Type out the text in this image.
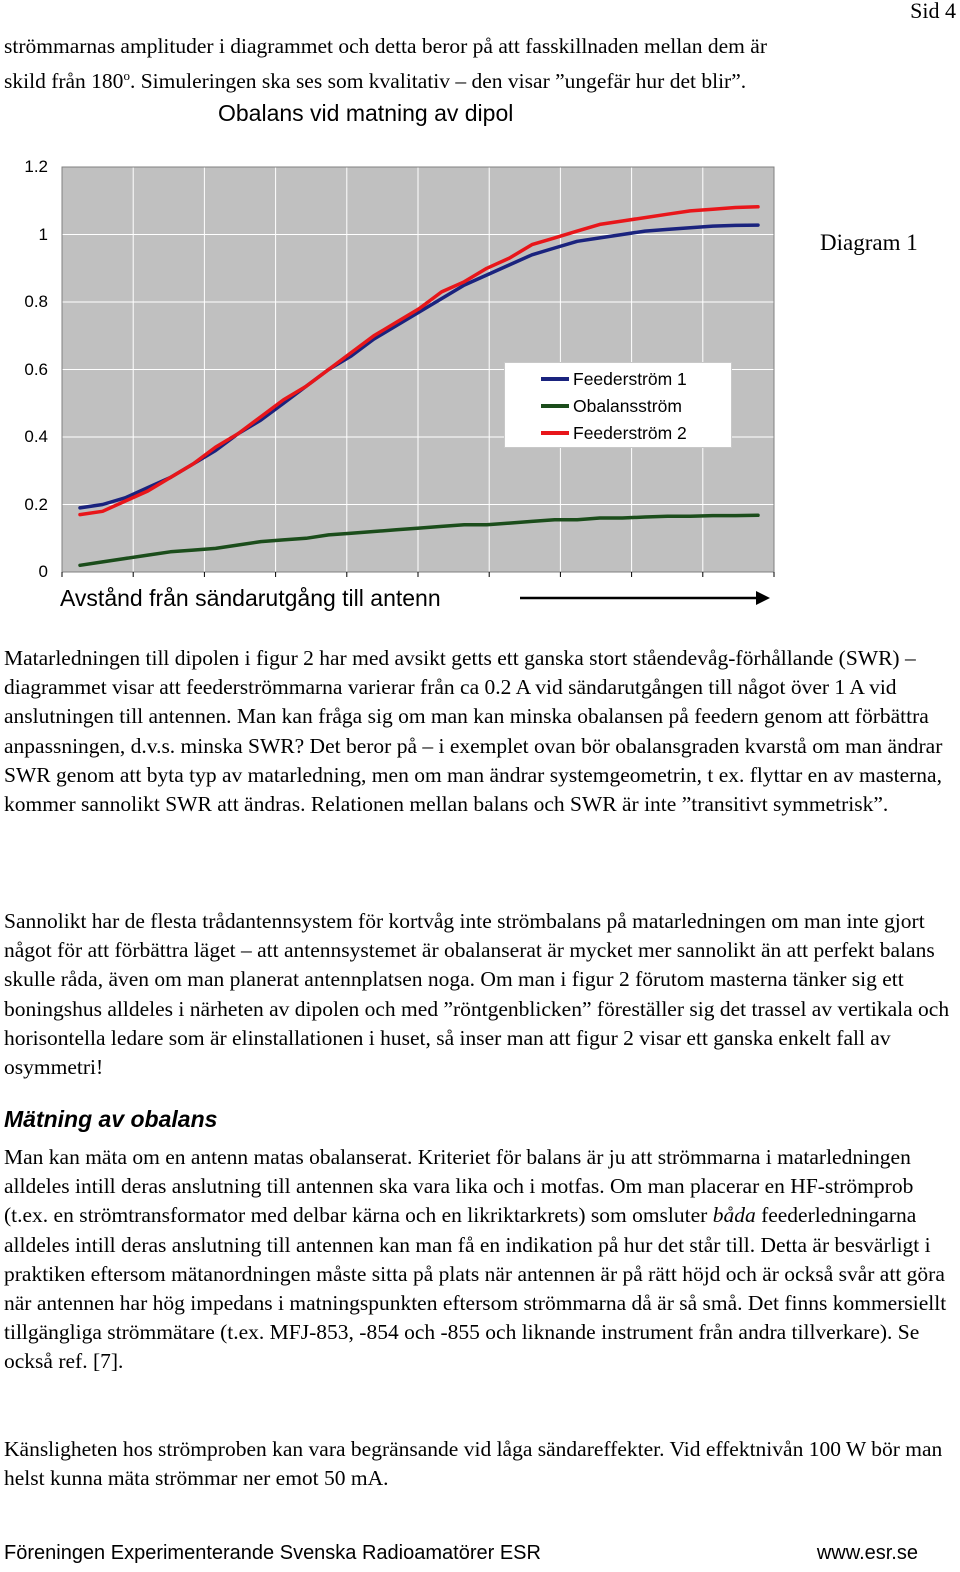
Sid 4

strömmarnas amplituder i diagrammet och detta beror på att fasskillnaden mellan dem är

skild från 180$^o$. Simuleringen ska ses som kvalitativ – den visar ”ungefär hur det blir”.

Obalans vid matning av dipol
1.2
1
0.8
0.6
0.4
0.2
0
Avstånd från sändarutgång till antenn
Diagram 1
Feederström 1
Obalansström
Feederström 2

Matarledningen till dipolen i figur 2 har med avsikt getts ett ganska stort ståendevåg-förhållande (SWR) – diagrammet visar att feederströmmarna varierar från ca 0.2 A vid sändarutgången till något över 1 A vid anslutningen till antennen. Man kan fråga sig om man kan minska obalansen på feedern genom att förbättra anpassningen, d.v.s. minska SWR? Det beror på – i exemplet ovan bör obalansgraden kvarstå om man ändrar SWR genom att byta typ av matarledning, men om man ändrar systemgeometrin, t ex. flyttar en av masterna, kommer sannolikt SWR att ändras. Relationen mellan balans och SWR är inte ”transitivt symmetrisk”.

Sannolikt har de flesta trådantennsystem för kortvåg inte strömbalans på matarledningen om man inte gjort något för att förbättra läget – att antennsystemet är obalanserat är mycket mer sannolikt än att perfekt balans skulle råda, även om man planerat antennplatsen noga. Om man i figur 2 förutom masterna tänker sig ett boningshus alldeles i närheten av dipolen och med ”röntgenblicken” föreställer sig det trassel av vertikala och horisontella ledare som är elinstallationen i huset, så inser man att figur 2 visar ett ganska enkelt fall av osymmetri!

Mätning av obalans

Man kan mäta om en antenn matas obalanserat. Kriteriet för balans är ju att strömmarna i matarledningen alldeles intill deras anslutning till antennen ska vara lika och i motfas. Om man placerar en HF-strömprob (t.ex. en strömtransformator med delbar kärna och en likriktarkrets) som omsluter båda feederledningarna alldeles intill deras anslutning till antennen kan man få en indikation på hur det står till. Detta är besvärligt i praktiken eftersom mätanordningen måste sitta på plats när antennen är på rätt höjd och är också svår att göra när antennen har hög impedans i matningspunkten eftersom strömmarna då är så små. Det finns kommersiellt tillgängliga strömmätare (t.ex. MFJ-853, -854 och -855 och liknande instrument från andra tillverkare). Se också ref. [7].

Känsligheten hos strömproben kan vara begränsande vid låga sändareffekter. Vid effektnivån 100 W bör man helst kunna mäta strömmar ner emot 50 mA.

Föreningen Experimenterande Svenska Radioamatörer ESR	www.esr.se
